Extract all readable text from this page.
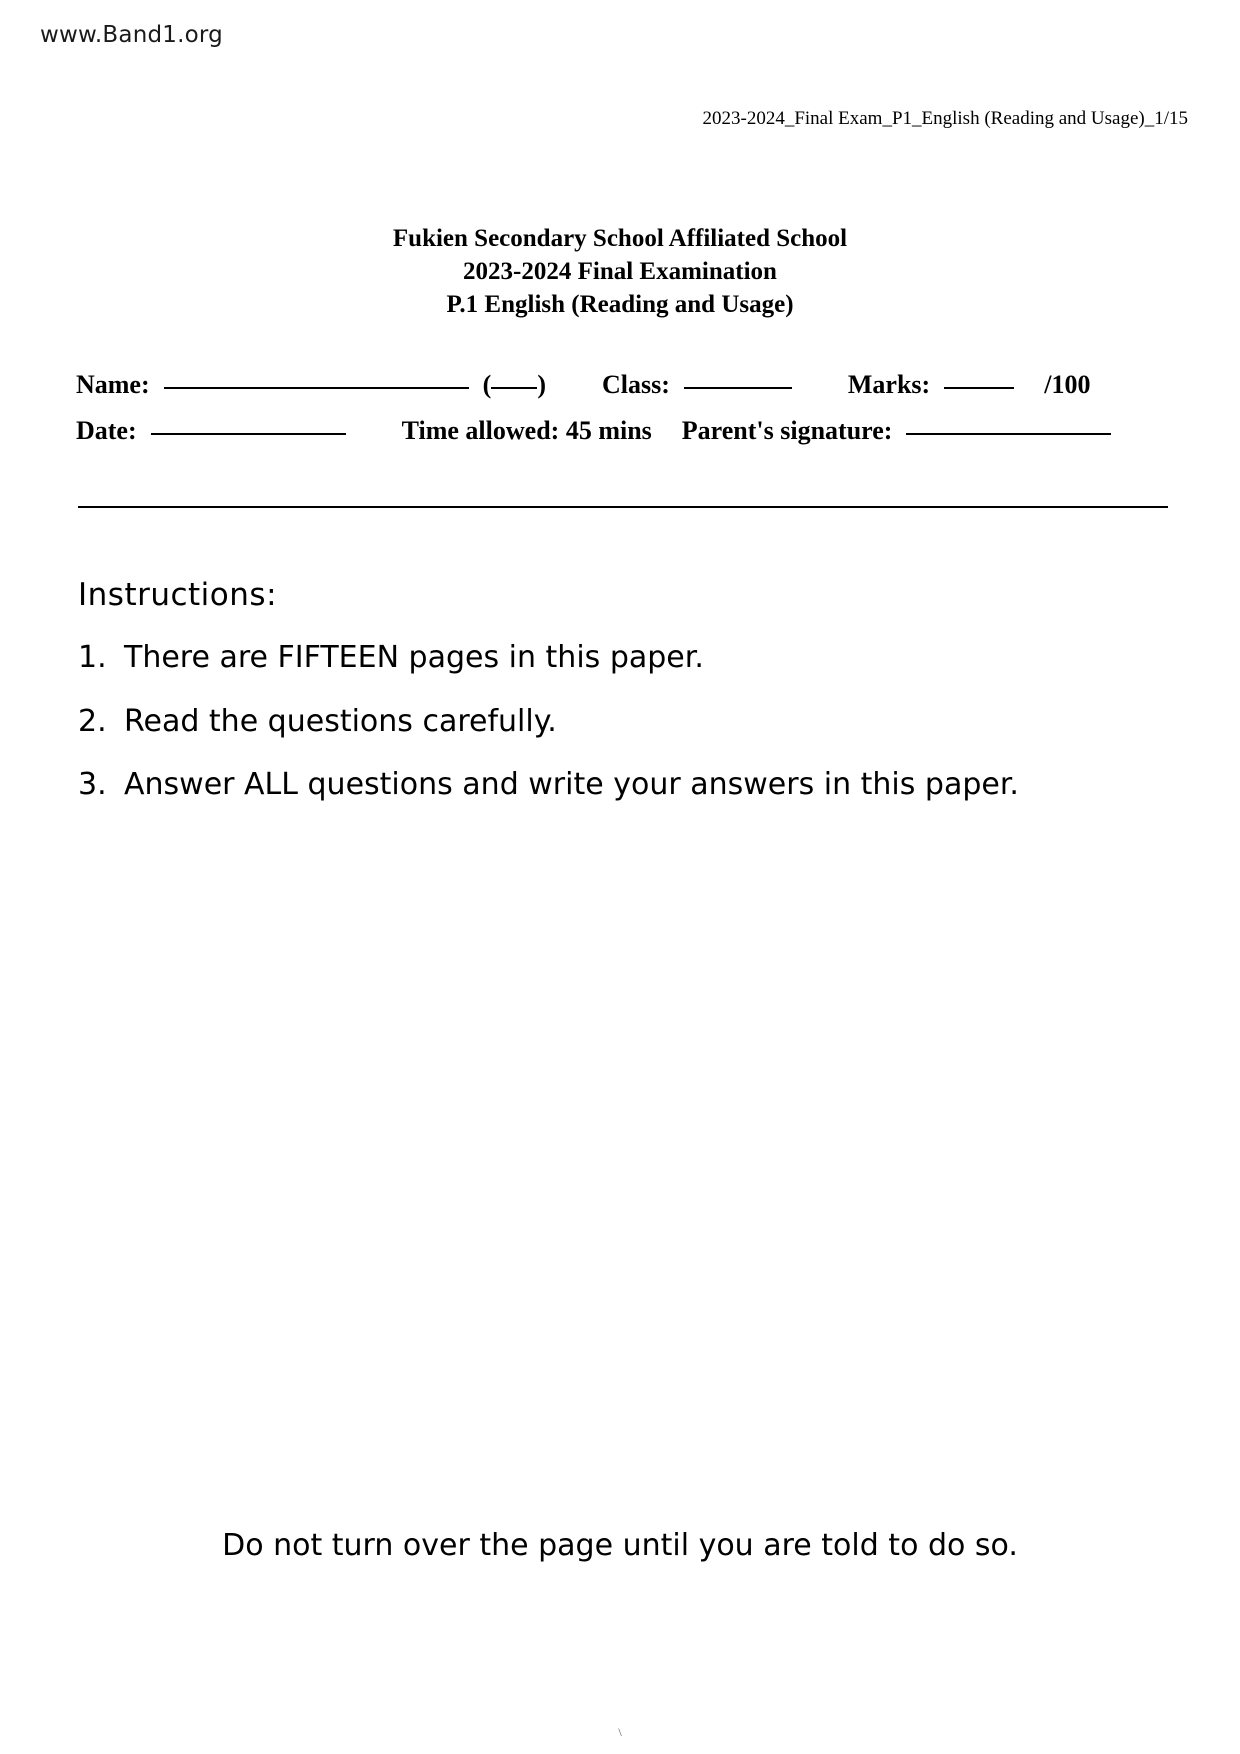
www.Band1.org
2023-2024_Final Exam_P1_English (Reading and Usage)_1/15
Fukien Secondary School Affiliated School
2023-2024 Final Examination
P.1 English (Reading and Usage)
Name:	( ) Class:	Marks:	/100
Date:	Time allowed: 45 mins Parent's signature:
Instructions:
1. There are FIFTEEN pages in this paper.
2. Read the questions carefully.
3. Answer ALL questions and write your answers in this paper.
Do not turn over the page until you are told to do so.
\
